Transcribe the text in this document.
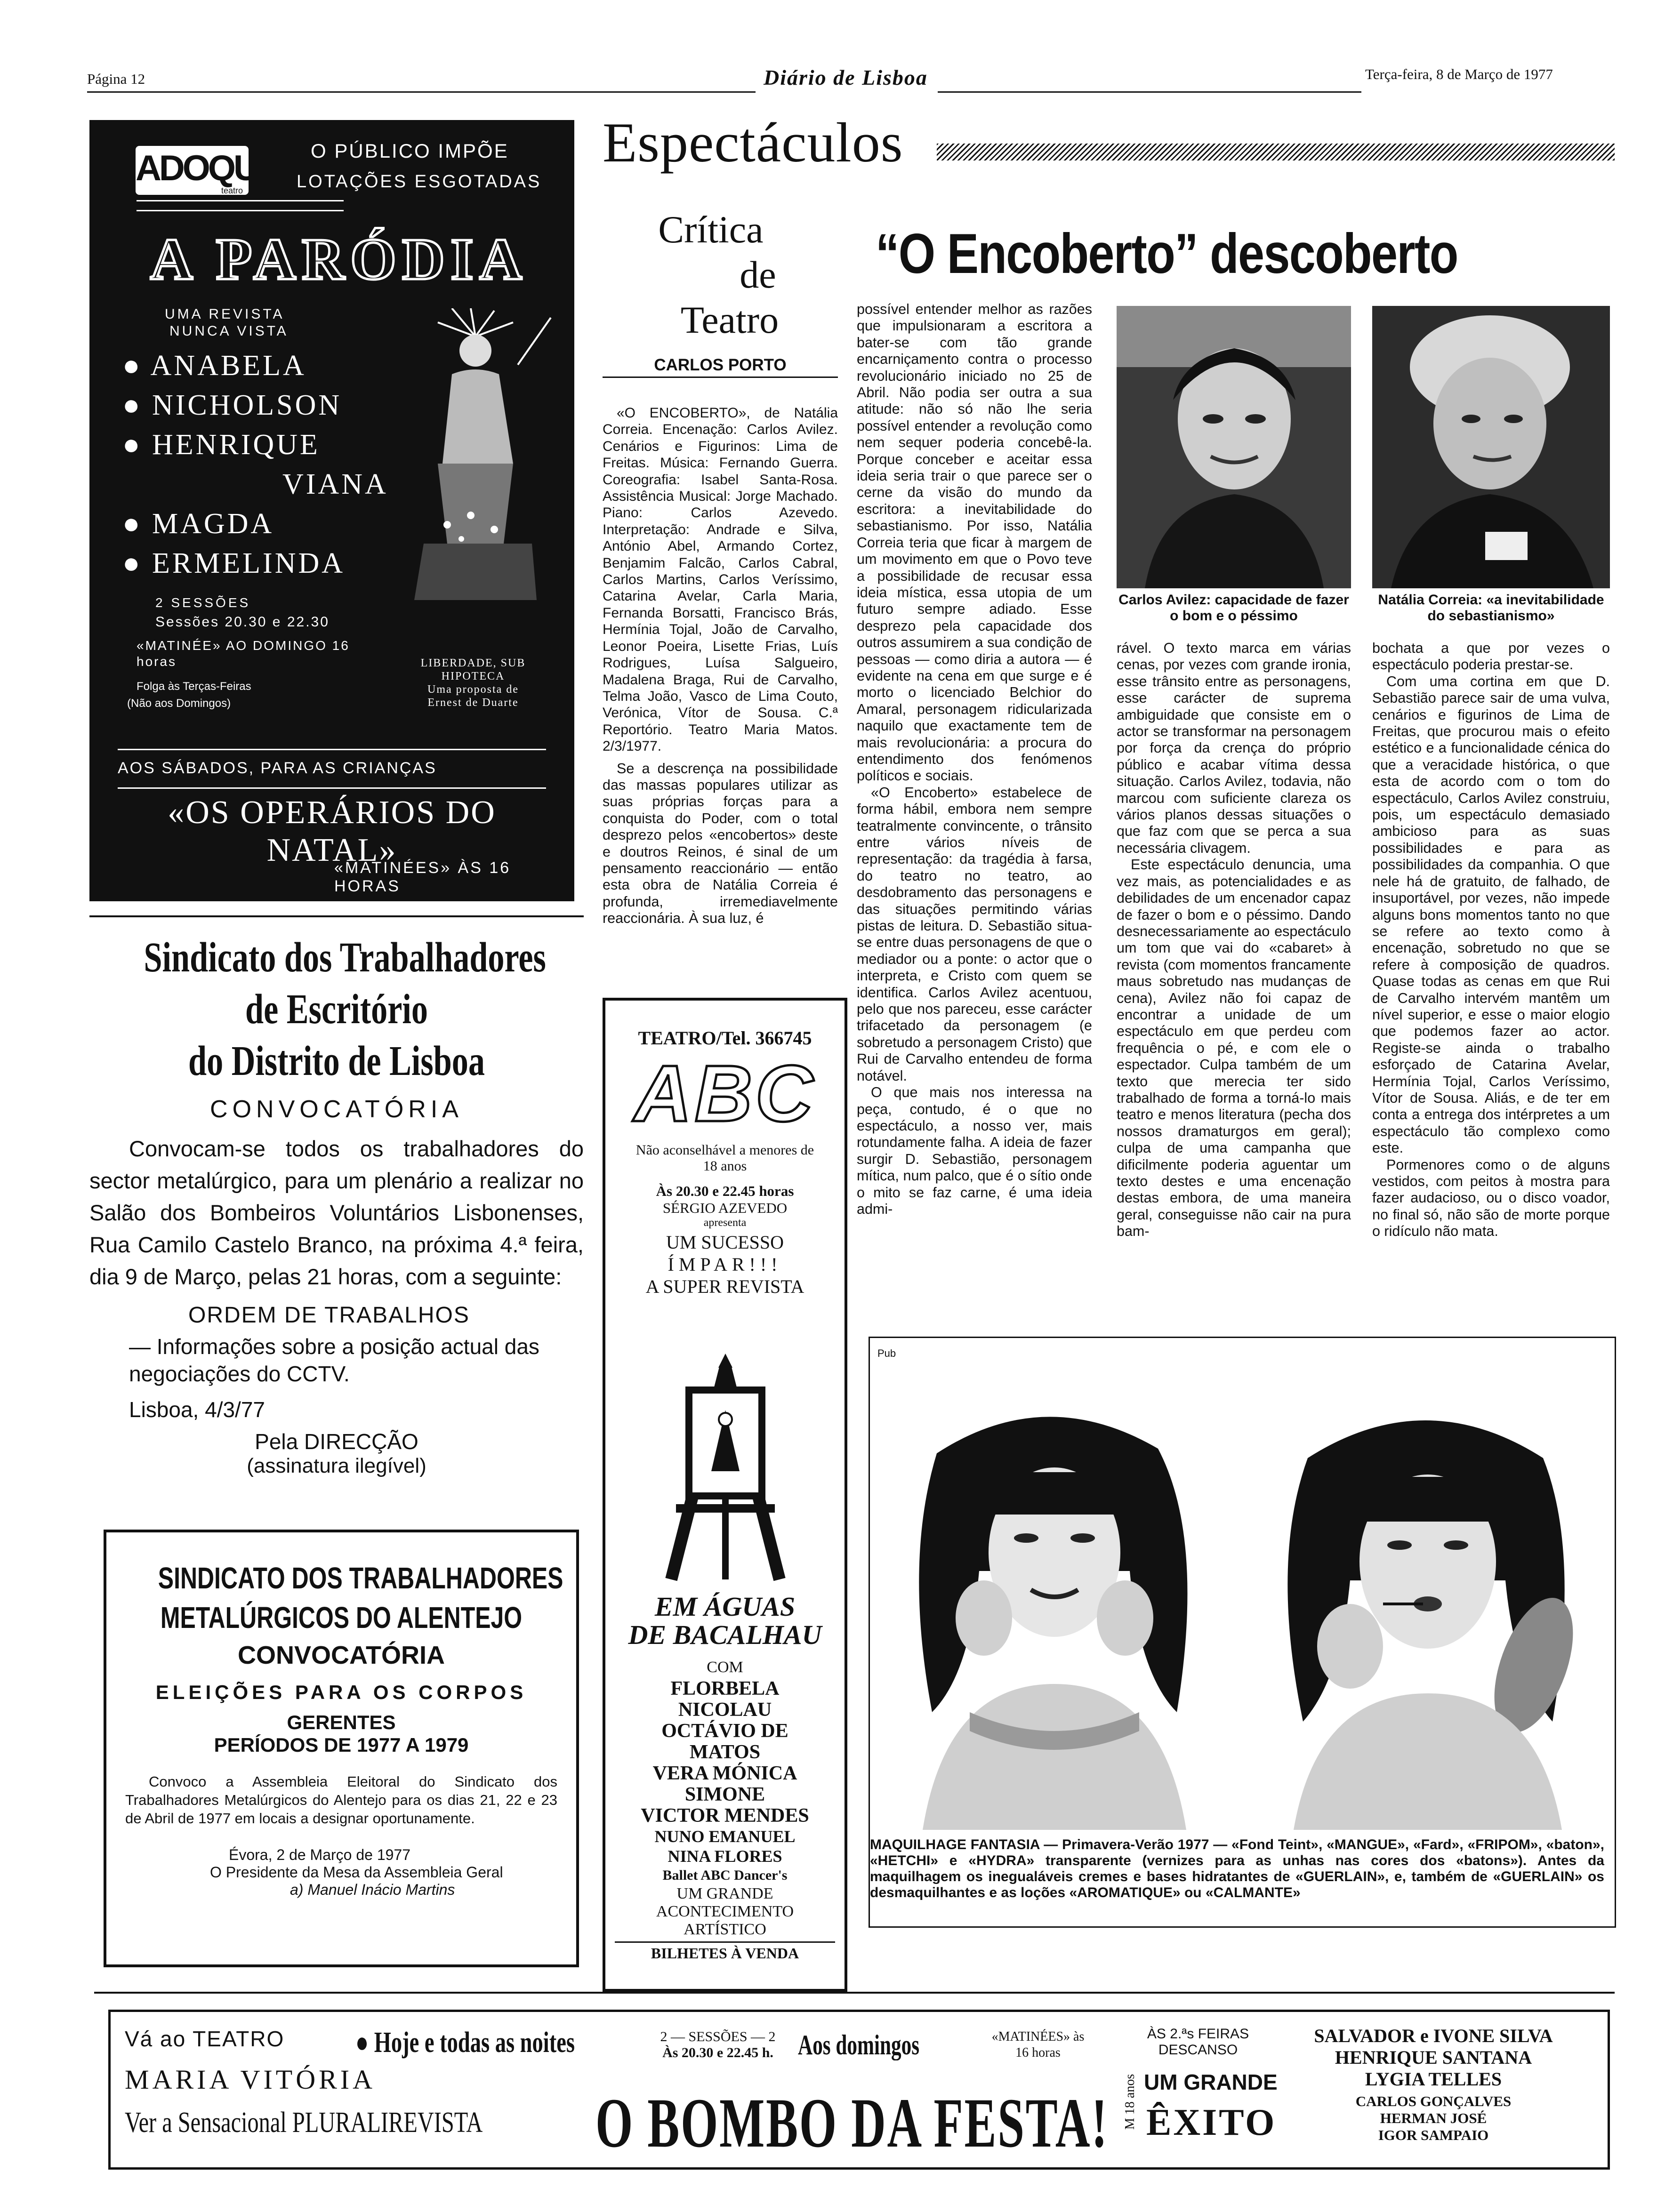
Página 12	Diário de Lisboa	Terça-feira, 8 de Março de 1977
ADOQUE
teatro
O PÚBLICO IMPÕE
LOTAÇÕES ESGOTADAS
A PARÓDIA
UMA REVISTA
NUNCA VISTA
● ANABELA
● NICHOLSON
● HENRIQUE
VIANA
● MAGDA
● ERMELINDA
2 SESSÕES
Sessões 20.30 e 22.30
«MATINÉE» AO DOMINGO 16 horas
Folga às Terças-Feiras
(Não aos Domingos)
LIBERDADE, SUB HIPOTECA
Uma proposta de
Ernest de Duarte
AOS SÁBADOS, PARA AS CRIANÇAS
«OS OPERÁRIOS DO NATAL»
«MATINÉES» ÀS 16 HORAS
Sindicato dos Trabalhadores
de Escritório
do Distrito de Lisboa
CONVOCATÓRIA
Convocam-se todos os trabalhadores do sector metalúrgico, para um plenário a realizar no Salão dos Bombeiros Voluntários Lisbonenses, Rua Camilo Castelo Branco, na próxima 4.ª feira, dia 9 de Março, pelas 21 horas, com a seguinte:
ORDEM DE TRABALHOS
— Informações sobre a posição actual das negociações do CCTV.
Lisboa, 4/3/77
Pela DIRECÇÃO
(assinatura ilegível)
SINDICATO DOS TRABALHADORES
METALÚRGICOS DO ALENTEJO
CONVOCATÓRIA
ELEIÇÕES PARA OS CORPOS
GERENTES
PERÍODOS DE 1977 A 1979
Convoco a Assembleia Eleitoral do Sindicato dos Trabalhadores Metalúrgicos do Alentejo para os dias 21, 22 e 23 de Abril de 1977 em locais a designar oportunamente.
Évora, 2 de Março de 1977
O Presidente da Mesa da Assembleia Geral
a) Manuel Inácio Martins
Espectáculos
Crítica
de
Teatro
CARLOS PORTO
“O Encoberto” descoberto

«O ENCOBERTO», de Natália Correia. Encenação: Carlos Avilez. Cenários e Figurinos: Lima de Freitas. Música: Fernando Guerra. Coreografia: Isabel Santa-Rosa. Assistência Musical: Jorge Machado. Piano: Carlos Azevedo. Interpretação: Andrade e Silva, António Abel, Armando Cortez, Benjamim Falcão, Carlos Cabral, Carlos Martins, Carlos Veríssimo, Catarina Avelar, Carla Maria, Fernanda Borsatti, Francisco Brás, Hermínia Tojal, João de Carvalho, Leonor Poeira, Lisette Frias, Luís Rodrigues, Luísa Salgueiro, Madalena Braga, Rui de Carvalho, Telma João, Vasco de Lima Couto, Verónica, Vítor de Sousa. C.ª Reportório. Teatro Maria Matos. 2/3/1977.

Se a descrença na possibilidade das massas populares utilizar as suas próprias forças para a conquista do Poder, com o total desprezo pelos «encobertos» deste e doutros Reinos, é sinal de um pensamento reaccionário — então esta obra de Natália Correia é profunda, irremediavelmente reaccionária. À sua luz, é

possível entender melhor as razões que impulsionaram a escritora a bater-se com tão grande encarniçamento contra o processo revolucionário iniciado no 25 de Abril. Não podia ser outra a sua atitude: não só não lhe seria possível entender a revolução como nem sequer poderia concebê-la. Porque conceber e aceitar essa ideia seria trair o que parece ser o cerne da visão do mundo da escritora: a inevitabilidade do sebastianismo. Por isso, Natália Correia teria que ficar à margem de um movimento em que o Povo teve a possibilidade de recusar essa ideia mística, essa utopia de um futuro sempre adiado. Esse desprezo pela capacidade dos outros assumirem a sua condição de pessoas — como diria a autora — é evidente na cena em que surge e é morto o licenciado Belchior do Amaral, personagem ridicularizada naquilo que exactamente tem de mais revolucionária: a procura do entendimento dos fenómenos políticos e sociais.

«O Encoberto» estabelece de forma hábil, embora nem sempre teatralmente convincente, o trânsito entre vários níveis de representação: da tragédia à farsa, do teatro no teatro, ao desdobramento das personagens e das situações permitindo várias pistas de leitura. D. Sebastião situa-se entre duas personagens de que o mediador ou a ponte: o actor que o interpreta, e Cristo com quem se identifica. Carlos Avilez acentuou, pelo que nos pareceu, esse carácter trifacetado da personagem (e sobretudo a personagem Cristo) que Rui de Carvalho entendeu de forma notável.

O que mais nos interessa na peça, contudo, é o que no espectáculo, a nosso ver, mais rotundamente falha. A ideia de fazer surgir D. Sebastião, personagem mítica, num palco, que é o sítio onde o mito se faz carne, é uma ideia admi-

Carlos Avilez: capacidade de fazer o bom e o péssimo
Natália Correia: «a inevitabilidade do sebastianismo»

rável. O texto marca em várias cenas, por vezes com grande ironia, esse trânsito entre as personagens, esse carácter de suprema ambiguidade que consiste em o actor se transformar na personagem por força da crença do próprio público e acabar vítima dessa situação. Carlos Avilez, todavia, não marcou com suficiente clareza os vários planos dessas situações o que faz com que se perca a sua necessária clivagem.

Este espectáculo denuncia, uma vez mais, as potencialidades e as debilidades de um encenador capaz de fazer o bom e o péssimo. Dando desnecessariamente ao espectáculo um tom que vai do «cabaret» à revista (com momentos francamente maus sobretudo nas mudanças de cena), Avilez não foi capaz de encontrar a unidade de um espectáculo em que perdeu com frequência o pé, e com ele o espectador. Culpa também de um texto que merecia ter sido trabalhado de forma a torná-lo mais teatro e menos literatura (pecha dos nossos dramaturgos em geral); culpa de uma campanha que dificilmente poderia aguentar um texto destes e uma encenação destas embora, de uma maneira geral, conseguisse não cair na pura bam-

bochata a que por vezes o espectáculo poderia prestar-se.

Com uma cortina em que D. Sebastião parece sair de uma vulva, cenários e figurinos de Lima de Freitas, que procurou mais o efeito estético e a funcionalidade cénica do que a veracidade histórica, o que esta de acordo com o tom do espectáculo, Carlos Avilez construiu, pois, um espectáculo demasiado ambicioso para as suas possibilidades e para as possibilidades da companhia. O que nele há de gratuito, de falhado, de insuportável, por vezes, não impede alguns bons momentos tanto no que se refere ao texto como à encenação, sobretudo no que se refere à composição de quadros. Quase todas as cenas em que Rui de Carvalho intervém mantêm um nível superior, e esse o maior elogio que podemos fazer ao actor. Registe-se ainda o trabalho esforçado de Catarina Avelar, Hermínia Tojal, Carlos Veríssimo, Vítor de Sousa. Aliás, e de ter em conta a entrega dos intérpretes a um espectáculo tão complexo como este.

Pormenores como o de alguns vestidos, com peitos à mostra para fazer audacioso, ou o disco voador, no final só, não são de morte porque o ridículo não mata.

TEATRO/Tel. 366745
ABC
Não aconselhável a menores de 18 anos
Às 20.30 e 22.45 horas
SÉRGIO AZEVEDO
apresenta
UM SUCESSO
ÍMPAR!!!
A SUPER REVISTA
EM ÁGUAS
DE BACALHAU
COM
FLORBELA
NICOLAU
OCTÁVIO DE
MATOS
VERA MÓNICA
SIMONE
VICTOR MENDES
NUNO EMANUEL
NINA FLORES
Ballet ABC Dancer's
UM GRANDE
ACONTECIMENTO
ARTÍSTICO
BILHETES À VENDA
Pub
MAQUILHAGE FANTASIA — Primavera-Verão 1977 — «Fond Teint», «MANGUE», «Fard», «FRIPOM», «baton», «HETCHI» e «HYDRA» transparente (vernizes para as unhas nas cores dos «batons»). Antes da maquilhagem os inegualáveis cremes e bases hidratantes de «GUERLAIN», e, também de «GUERLAIN» os desmaquilhantes e as loções «AROMATIQUE» ou «CALMANTE»
Vá ao TEATRO
MARIA VITÓRIA
Ver a Sensacional PLURALIREVISTA
● Hoje e todas as noites
O BOMBO DA FESTA!
2 — SESSÕES — 2
Às 20.30 e 22.45 h. Aos domingos	«MATINÉES» às 16 horas
M 18 anos
ÀS 2.ªs FEIRAS
DESCANSO
UM GRANDE
ÊXITO
SALVADOR e IVONE SILVA
HENRIQUE SANTANA
LYGIA TELLES
CARLOS GONÇALVES
HERMAN JOSÉ
IGOR SAMPAIO
